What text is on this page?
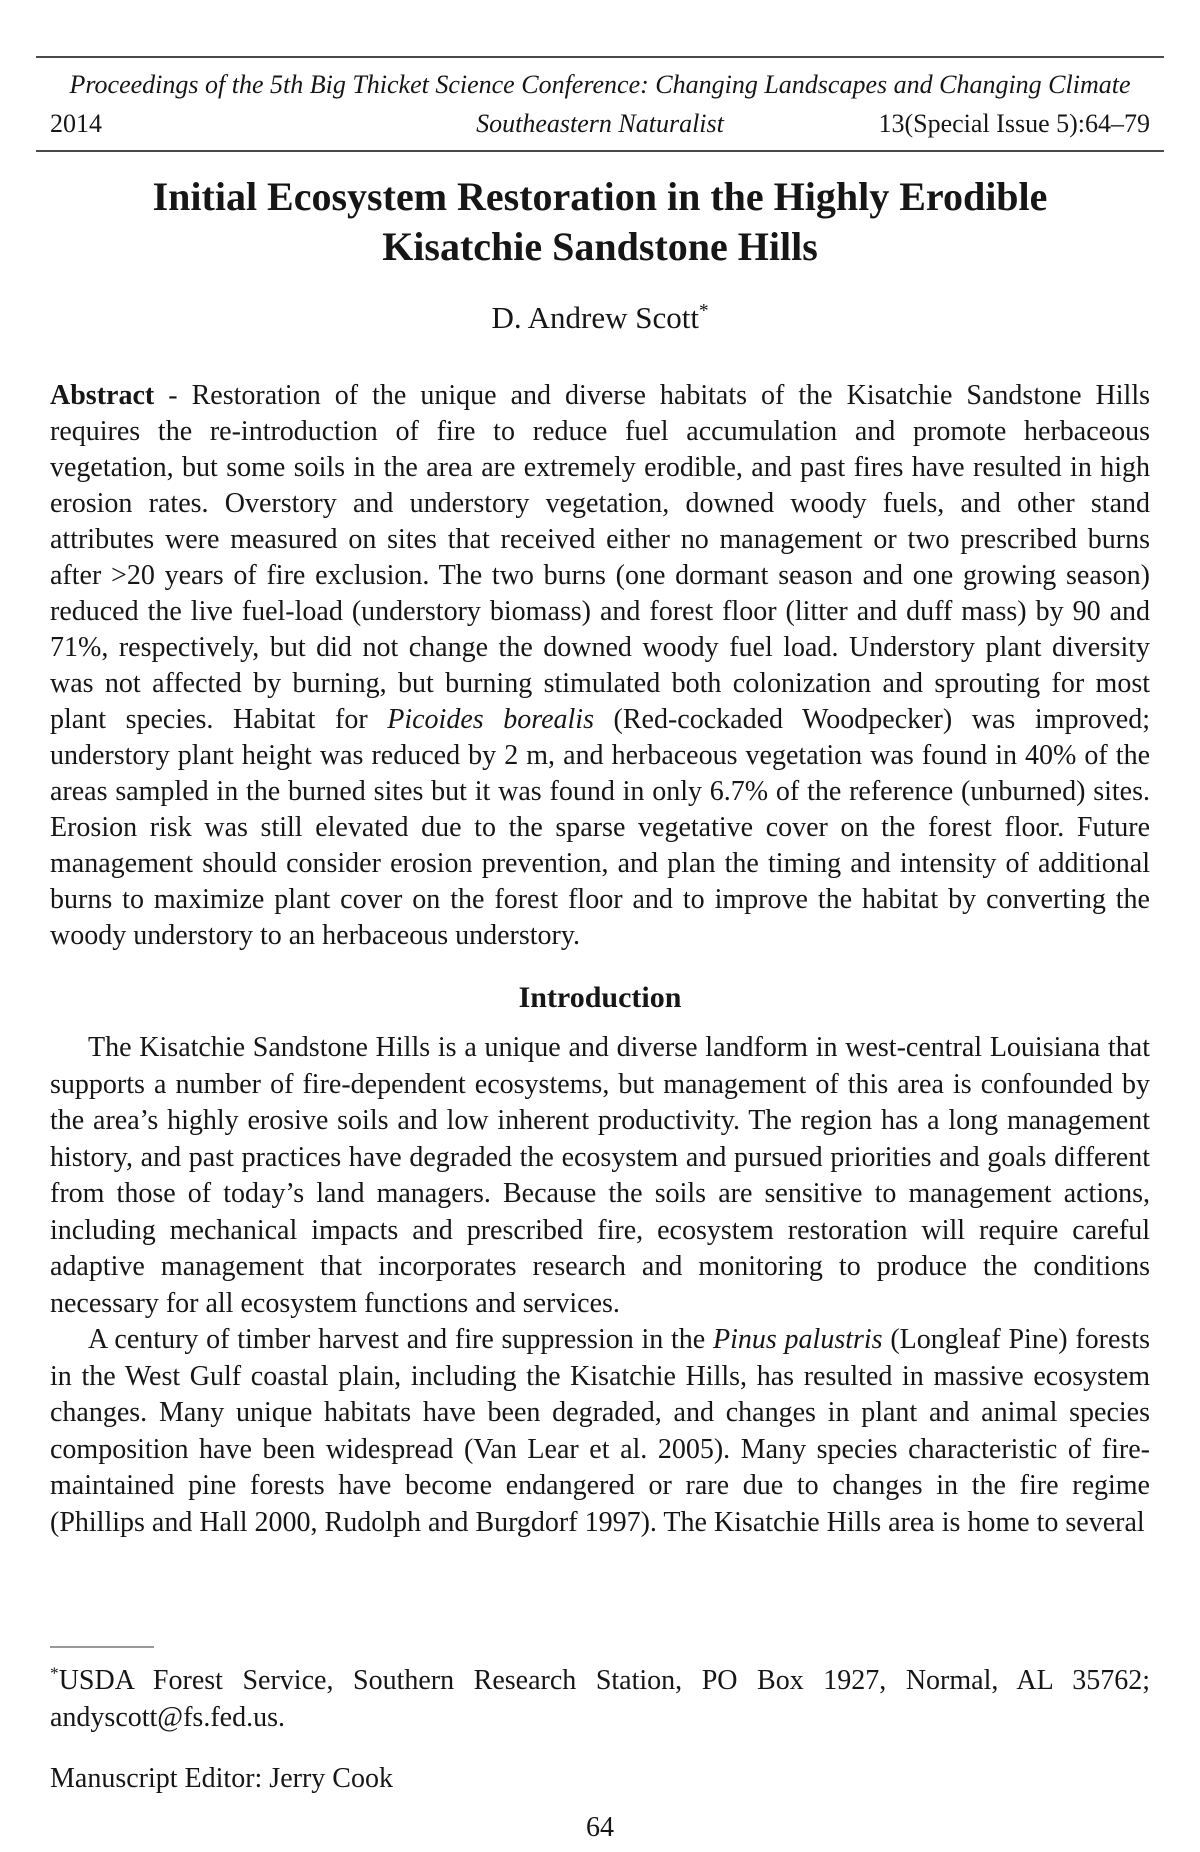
Proceedings of the 5th Big Thicket Science Conference: Changing Landscapes and Changing Climate
2014	Southeastern Naturalist	13(Special Issue 5):64–79
Initial Ecosystem Restoration in the Highly Erodible
Kisatchie Sandstone Hills
D. Andrew Scott*

Abstract - Restoration of the unique and diverse habitats of the Kisatchie Sandstone Hills requires the re-introduction of fire to reduce fuel accumulation and promote herbaceous vegetation, but some soils in the area are extremely erodible, and past fires have resulted in high erosion rates. Overstory and understory vegetation, downed woody fuels, and other stand attributes were measured on sites that received either no management or two prescribed burns after >20 years of fire exclusion. The two burns (one dormant season and one growing season) reduced the live fuel-load (understory biomass) and forest floor (litter and duff mass) by 90 and 71%, respectively, but did not change the downed woody fuel load. Understory plant diversity was not affected by burning, but burning stimulated both colonization and sprouting for most plant species. Habitat for Picoides borealis (Red-cockaded Woodpecker) was improved; understory plant height was reduced by 2 m, and herbaceous vegetation was found in 40% of the areas sampled in the burned sites but it was found in only 6.7% of the reference (unburned) sites. Erosion risk was still elevated due to the sparse vegetative cover on the forest floor. Future management should consider erosion prevention, and plan the timing and intensity of additional burns to maximize plant cover on the forest floor and to improve the habitat by converting the woody understory to an herbaceous understory.

Introduction

The Kisatchie Sandstone Hills is a unique and diverse landform in west-central Louisiana that supports a number of fire-dependent ecosystems, but management of this area is confounded by the area’s highly erosive soils and low inherent productivity. The region has a long management history, and past practices have degraded the ecosystem and pursued priorities and goals different from those of today’s land managers. Because the soils are sensitive to management actions, including mechanical impacts and prescribed fire, ecosystem restoration will require careful adaptive management that incorporates research and monitoring to produce the conditions necessary for all ecosystem functions and services.

A century of timber harvest and fire suppression in the Pinus palustris (Longleaf Pine) forests in the West Gulf coastal plain, including the Kisatchie Hills, has resulted in massive ecosystem changes. Many unique habitats have been degraded, and changes in plant and animal species composition have been widespread (Van Lear et al. 2005). Many species characteristic of fire-maintained pine forests have become endangered or rare due to changes in the fire regime (Phillips and Hall 2000, Rudolph and Burgdorf 1997). The Kisatchie Hills area is home to several

*USDA Forest Service, Southern Research Station, PO Box 1927, Normal, AL 35762; andyscott@fs.fed.us.

Manuscript Editor: Jerry Cook

64
